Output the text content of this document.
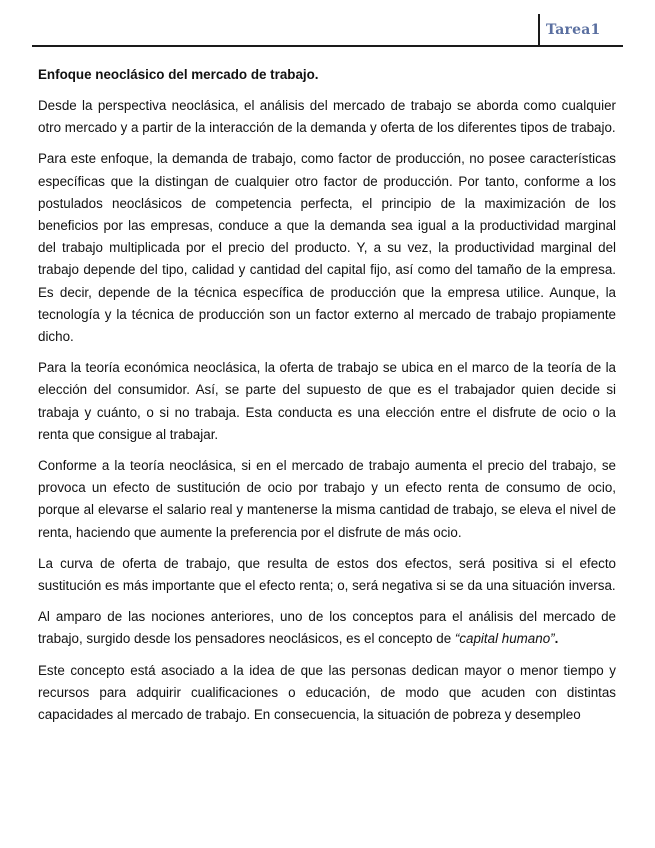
Tarea1

Enfoque neoclásico del mercado de trabajo.

Desde la perspectiva neoclásica, el análisis del mercado de trabajo se aborda como cualquier otro mercado y a partir de la interacción de la demanda y oferta de los diferentes tipos de trabajo.

Para este enfoque, la demanda de trabajo, como factor de producción, no posee características específicas que la distingan de cualquier otro factor de producción. Por tanto, conforme a los postulados neoclásicos de competencia perfecta, el principio de la maximización de los beneficios por las empresas, conduce a que la demanda sea igual a la productividad marginal del trabajo multiplicada por el precio del producto. Y, a su vez, la productividad marginal del trabajo depende del tipo, calidad y cantidad del capital fijo, así como del tamaño de la empresa. Es decir, depende de la técnica específica de producción que la empresa utilice. Aunque, la tecnología y la técnica de producción son un factor externo al mercado de trabajo propiamente dicho.

Para la teoría económica neoclásica, la oferta de trabajo se ubica en el marco de la teoría de la elección del consumidor. Así, se parte del supuesto de que es el trabajador quien decide si trabaja y cuánto, o si no trabaja. Esta conducta es una elección entre el disfrute de ocio o la renta que consigue al trabajar.

Conforme a la teoría neoclásica, si en el mercado de trabajo aumenta el precio del trabajo, se provoca un efecto de sustitución de ocio por trabajo y un efecto renta de consumo de ocio, porque al elevarse el salario real y mantenerse la misma cantidad de trabajo, se eleva el nivel de renta, haciendo que aumente la preferencia por el disfrute de más ocio.

La curva de oferta de trabajo, que resulta de estos dos efectos, será positiva si el efecto sustitución es más importante que el efecto renta; o, será negativa si se da una situación inversa.

Al amparo de las nociones anteriores, uno de los conceptos para el análisis del mercado de trabajo, surgido desde los pensadores neoclásicos, es el concepto de “capital humano”.

Este concepto está asociado a la idea de que las personas dedican mayor o menor tiempo y recursos para adquirir cualificaciones o educación, de modo que acuden con distintas capacidades al mercado de trabajo. En consecuencia, la situación de pobreza y desempleo
